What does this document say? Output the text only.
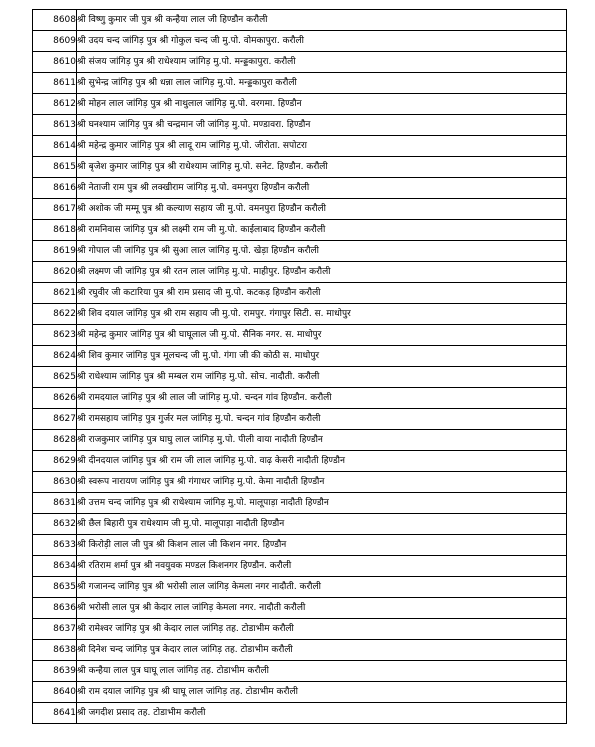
8608	श्री विष्णु कुमार जी पुत्र श्री कन्हैया लाल जी हिण्डौन करौली
8609	श्री उदय चन्द जांगिड़ पुत्र श्री गोकुल चन्द जी मु.पो. वोमकापुरा. करौली
8610	श्री संजय जांगिड़ पुत्र श्री राधेश्याम जांगिड़ मु.पो. मन्ड्डकापुरा. करौली
8611	श्री सुभेन्द्र जांगिड़ पुत्र श्री धन्ना लाल जांगिड़ मु.पो. मन्ड्डकापुरा करौली
8612	श्री मोहन लाल जांगिड़ पुत्र श्री नाथुलाल जांगिड़ मु.पो. वरगमा. हिण्डौन
8613	श्री घनश्याम जांगिड़ पुत्र श्री चन्द्रमान जी जांगिड़ मु.पो. मण्डावरा. हिण्डौन
8614	श्री महेन्द्र कुमार जांगिड़ पुत्र श्री लादू राम जांगिड़ मु.पो. जीरोता. सपोटरा
8615	श्री बृजेश कुमार जांगिड़ पुत्र श्री राधेश्याम जांगिड़ मु.पो. सनेट. हिण्डौन. करौली
8616	श्री नेताजी राम पुत्र श्री लक्खीराम जांगिड़ मु.पो. वमनपुरा हिण्डौन करौली
8617	श्री अशोक जी मम्मू पुत्र श्री कल्याण सहाय जी मु.पो. वमनपुरा हिण्डौन करौली
8618	श्री रामनिवास जांगिड़ पुत्र श्री लक्ष्मी राम जी मु.पो. काईलाबाद हिण्डौन करौली
8619	श्री गोपाल जी जांगिड़ पुत्र श्री सुआ लाल जांगिड़ मु.पो. खेड़ा हिण्डौन करौली
8620	श्री लक्ष्मण जी जांगिड़ पुत्र श्री रतन लाल जांगिड़ मु.पो. माहीपुर. हिण्डौन करौली
8621	श्री रघुवीर जी कटारिया पुत्र श्री राम प्रसाद जी मु.पो. कटकड़ हिण्डौन करौली
8622	श्री शिव दयाल जांगिड़ पुत्र श्री राम सहाय जी मु.पो. रामपुर. गंगापुर सिटी. स. माधोपुर
8623	श्री महेन्द्र कुमार जांगिड़ पुत्र श्री घाघूलाल जी मु.पो. सैनिक नगर. स. माधोपुर
8624	श्री शिव कुमार जांगिड़ पुत्र मूलचन्द जी मु.पो. गंगा जी की कोठी स. माधोपुर
8625	श्री राधेश्याम जांगिड़ पुत्र श्री मम्बल राम जांगिड़ मु.पो. सोच. नादौती. करौली
8626	श्री रामदयाल जांगिड़ पुत्र श्री लाल जी जांगिड़ मु.पो. चन्दन गांव हिण्डौन. करौली
8627	श्री रामसहाय जांगिड़ पुत्र गुर्जर मल जांगिड़ मु.पो. चन्दन गांव हिण्डौन करौली
8628	श्री राजकुमार जांगिड़ पुत्र घाघु लाल जांगिड़ मु.पो. पीली वाया नादौती हिण्डौन
8629	श्री दीनदयाल जांगिड़ पुत्र श्री राम जी लाल जांगिड़ मु.पो. वाढ़ केसरी नादौती हिण्डौन
8630	श्री स्वरूप नारायण जांगिड़ पुत्र श्री गंगाधर जांगिड़ मु.पो. केमा नादौती हिण्डौन
8631	श्री उत्तम चन्द जांगिड़ पुत्र श्री राधेश्याम जांगिड़ मु.पो. मालूपाड़ा नादौती हिण्डौन
8632	श्री छैल बिहारी पुत्र राधेश्याम जी मु.पो. मालूपाड़ा नादौती हिण्डौन
8633	श्री किरोड़ी लाल जी पुत्र श्री किशन लाल जी किशन नगर. हिण्डौन
8634	श्री रतिराम शर्मा पुत्र श्री नवयुवक मण्डल किशनगर हिण्डौन. करौली
8635	श्री गजानन्द जांगिड़ पुत्र श्री भरोसी लाल जांगिड़ केमला नगर नादौती. करौली
8636	श्री भरोसी लाल पुत्र श्री केदार लाल जांगिड़ केमला नगर. नादौती करौली
8637	श्री रामेश्वर जांगिड़ पुत्र श्री केदार लाल जांगिड़ तह. टोडाभीम करौली
8638	श्री दिनेश चन्द जांगिड़ पुत्र केदार लाल जांगिड़ तह. टोडाभीम करौली
8639	श्री कन्हैया लाल पुत्र घाघू लाल जांगिड़ तह. टोडाभीम करौली
8640	श्री राम दयाल जांगिड़ पुत्र श्री घाघू लाल जांगिड़ तह. टोडाभीम करौली
8641	श्री जगदीश प्रसाद तह. टोडाभीम करौली
